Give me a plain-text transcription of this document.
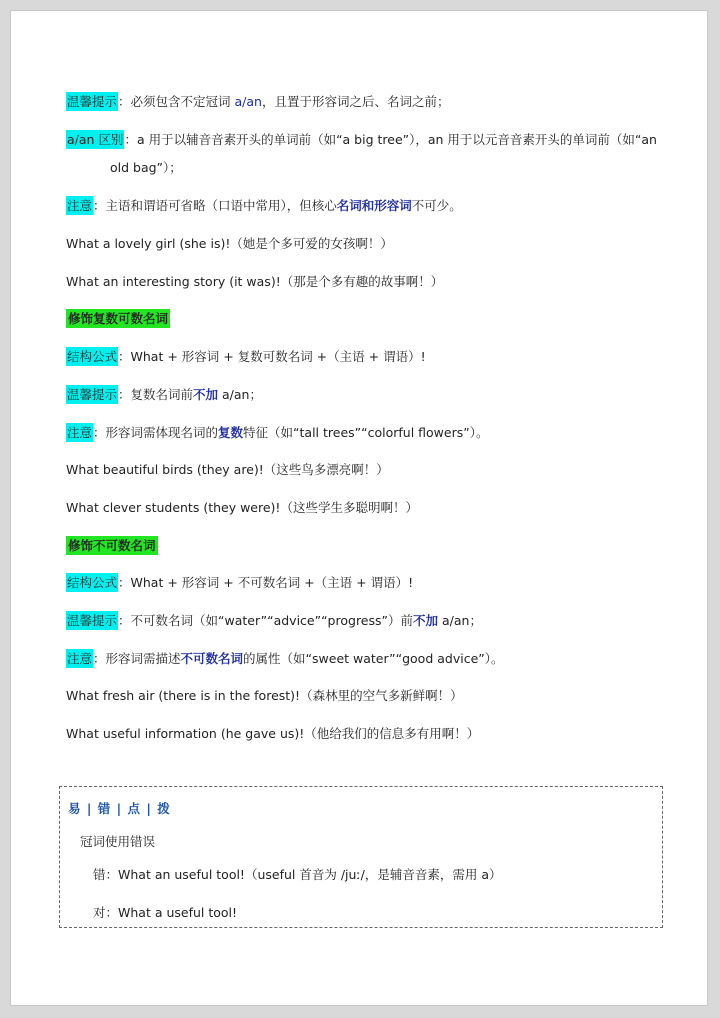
温馨提示：必须包含不定冠词 a/an，且置于形容词之后、名词之前；
a/an 区别：a 用于以辅音音素开头的单词前（如“a big tree”），an 用于以元音音素开头的单词前（如“an
old bag”）；
注意：主语和谓语可省略（口语中常用），但核心名词和形容词不可少。
What a lovely girl (she is)!（她是个多可爱的女孩啊！）
What an interesting story (it was)!（那是个多有趣的故事啊！）
修饰复数可数名词
结构公式：What + 形容词 + 复数可数名词 +（主语 + 谓语）!
温馨提示：复数名词前不加 a/an；
注意：形容词需体现名词的复数特征（如“tall trees”“colorful flowers”）。
What beautiful birds (they are)!（这些鸟多漂亮啊！）
What clever students (they were)!（这些学生多聪明啊！）
修饰不可数名词
结构公式：What + 形容词 + 不可数名词 +（主语 + 谓语）!
温馨提示：不可数名词（如“water”“advice”“progress”）前不加 a/an；
注意：形容词需描述不可数名词的属性（如“sweet water”“good advice”）。
What fresh air (there is in the forest)!（森林里的空气多新鲜啊！）
What useful information (he gave us)!（他给我们的信息多有用啊！）
易 | 错 | 点 | 拨
冠词使用错误
错：What an useful tool!（useful 首音为 /juː/，是辅音音素，需用 a）
对：What a useful tool!
